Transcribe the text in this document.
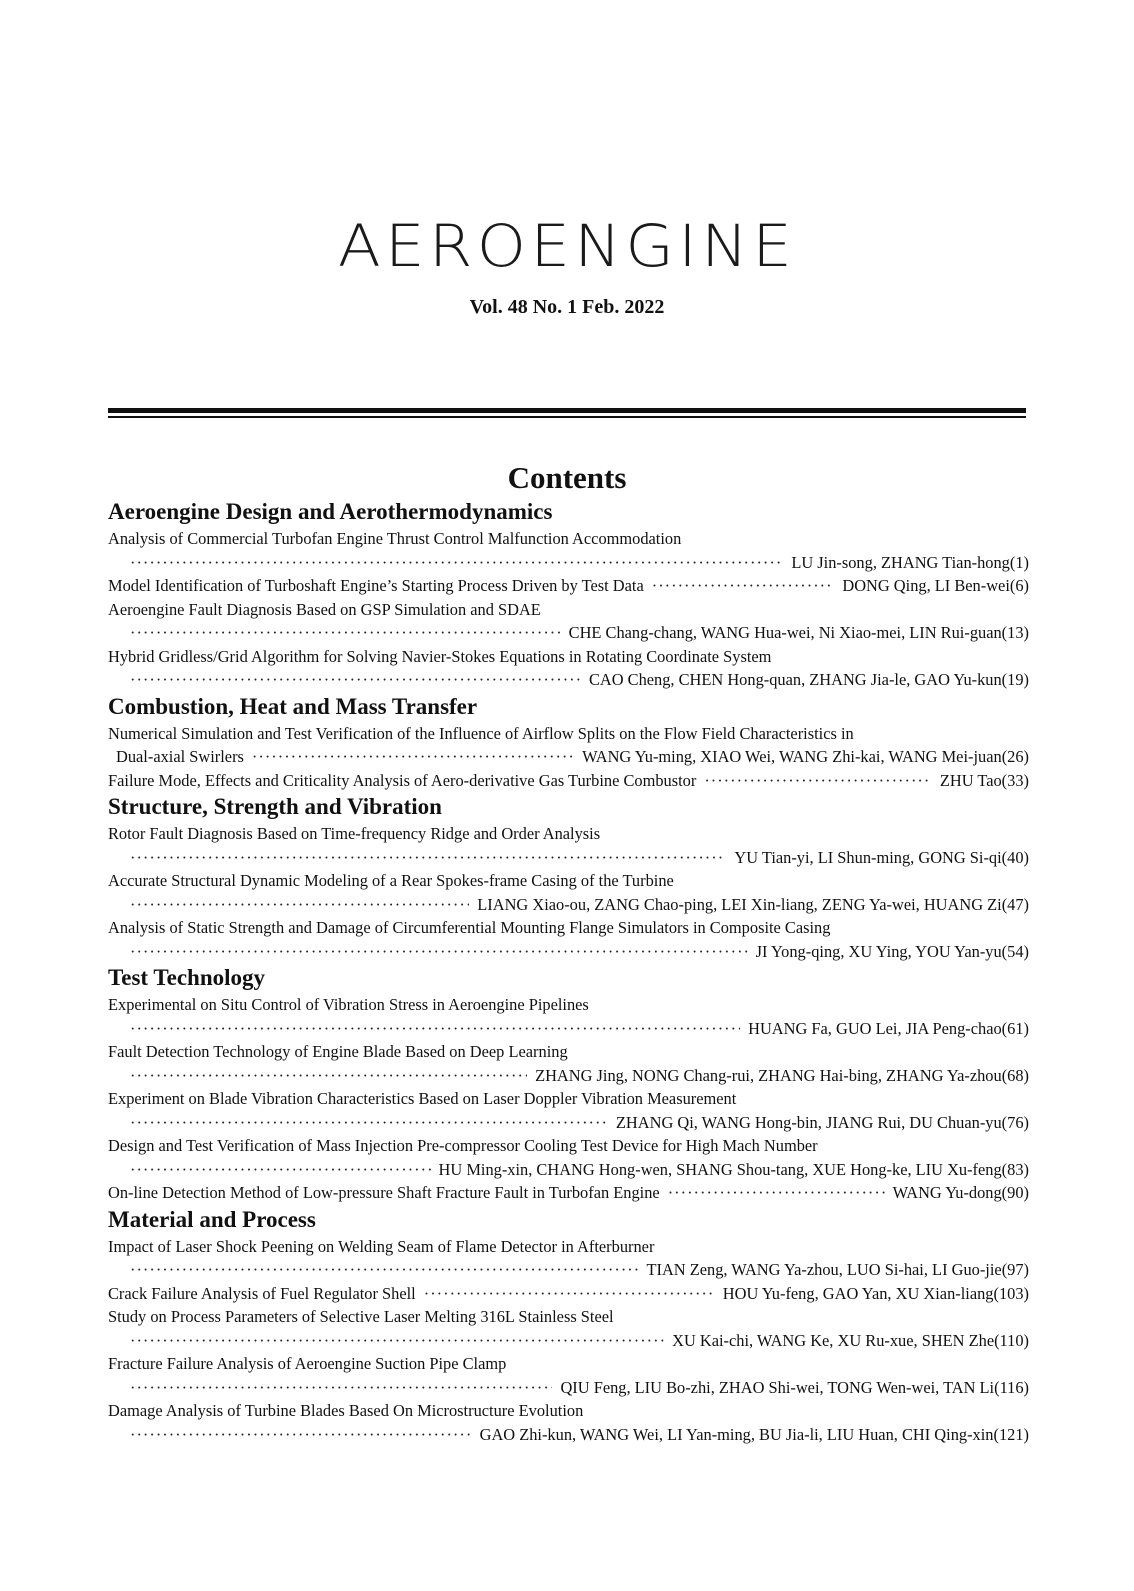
AEROENGINE
Vol. 48 No. 1 Feb. 2022
Contents
Aeroengine Design and Aerothermodynamics
Analysis of Commercial Turbofan Engine Thrust Control Malfunction Accommodation
·····
LU Jin-song, ZHANG Tian-hong(1)
Model Identification of Turboshaft Engine’s Starting Process Driven by Test Data ·····	DONG Qing, LI Ben-wei(6)
Aeroengine Fault Diagnosis Based on GSP Simulation and SDAE
·····
CHE Chang-chang, WANG Hua-wei, Ni Xiao-mei, LIN Rui-guan(13)
Hybrid Gridless/Grid Algorithm for Solving Navier-Stokes Equations in Rotating Coordinate System
·····
CAO Cheng, CHEN Hong-quan, ZHANG Jia-le, GAO Yu-kun(19)
Combustion, Heat and Mass Transfer
Numerical Simulation and Test Verification of the Influence of Airflow Splits on the Flow Field Characteristics in
Dual-axial Swirlers ·····	WANG Yu-ming, XIAO Wei, WANG Zhi-kai, WANG Mei-juan(26)
Failure Mode, Effects and Criticality Analysis of Aero-derivative Gas Turbine Combustor ·····	ZHU Tao(33)
Structure, Strength and Vibration
Rotor Fault Diagnosis Based on Time-frequency Ridge and Order Analysis
·····
YU Tian-yi, LI Shun-ming, GONG Si-qi(40)
Accurate Structural Dynamic Modeling of a Rear Spokes-frame Casing of the Turbine
·····
LIANG Xiao-ou, ZANG Chao-ping, LEI Xin-liang, ZENG Ya-wei, HUANG Zi(47)
Analysis of Static Strength and Damage of Circumferential Mounting Flange Simulators in Composite Casing
·····
JI Yong-qing, XU Ying, YOU Yan-yu(54)
Test Technology
Experimental on Situ Control of Vibration Stress in Aeroengine Pipelines
·····
HUANG Fa, GUO Lei, JIA Peng-chao(61)
Fault Detection Technology of Engine Blade Based on Deep Learning
·····
ZHANG Jing, NONG Chang-rui, ZHANG Hai-bing, ZHANG Ya-zhou(68)
Experiment on Blade Vibration Characteristics Based on Laser Doppler Vibration Measurement
·····
ZHANG Qi, WANG Hong-bin, JIANG Rui, DU Chuan-yu(76)
Design and Test Verification of Mass Injection Pre-compressor Cooling Test Device for High Mach Number
·····
HU Ming-xin, CHANG Hong-wen, SHANG Shou-tang, XUE Hong-ke, LIU Xu-feng(83)
On-line Detection Method of Low-pressure Shaft Fracture Fault in Turbofan Engine ·····	WANG Yu-dong(90)
Material and Process
Impact of Laser Shock Peening on Welding Seam of Flame Detector in Afterburner
·····
TIAN Zeng, WANG Ya-zhou, LUO Si-hai, LI Guo-jie(97)
Crack Failure Analysis of Fuel Regulator Shell ·····	HOU Yu-feng, GAO Yan, XU Xian-liang(103)
Study on Process Parameters of Selective Laser Melting 316L Stainless Steel
·····
XU Kai-chi, WANG Ke, XU Ru-xue, SHEN Zhe(110)
Fracture Failure Analysis of Aeroengine Suction Pipe Clamp
·····
QIU Feng, LIU Bo-zhi, ZHAO Shi-wei, TONG Wen-wei, TAN Li(116)
Damage Analysis of Turbine Blades Based On Microstructure Evolution
·····
GAO Zhi-kun, WANG Wei, LI Yan-ming, BU Jia-li, LIU Huan, CHI Qing-xin(121)
